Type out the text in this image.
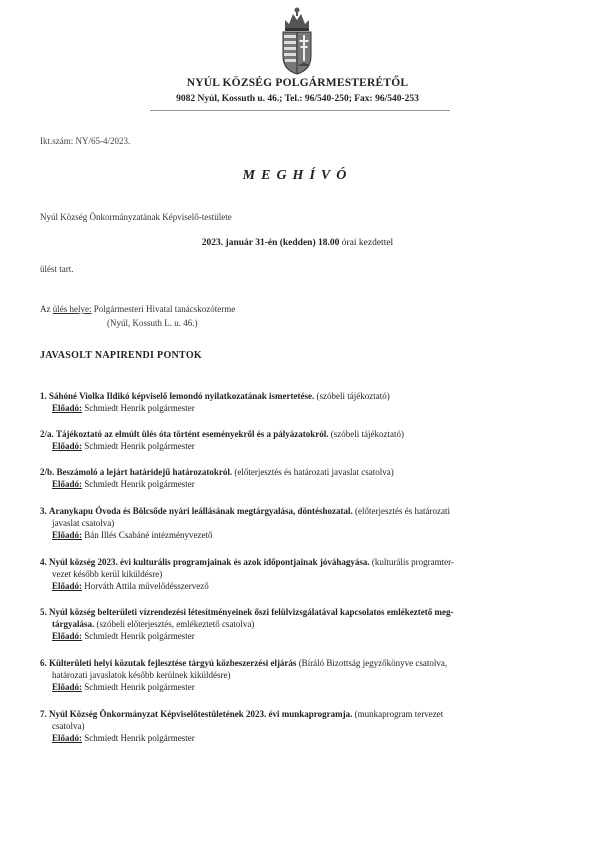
NYÚL KÖZSÉG POLGÁRMESTERÉTŐL
9082 Nyúl, Kossuth u. 46.; Tel.: 96/540-250; Fax: 96/540-253
Ikt.szám: NY/65-4/2023.
MEGHÍVÓ
Nyúl Község Önkormányzatának Képviselő-testülete
2023. január 31-én (kedden) 18.00 órai kezdettel
ülést tart.
Az ülés helye: Polgármesteri Hivatal tanácskozóterme
(Nyúl, Kossuth L. u. 46.)
JAVASOLT NAPIRENDI PONTOK
1. Sáhóné Violka Ildikó képviselő lemondó nyilatkozatának ismertetése. (szóbeli tájékoztató)
Előadó: Schmiedt Henrik polgármester
2/a. Tájékoztató az elmúlt ülés óta történt eseményekről és a pályázatokról. (szóbeli tájékoztató)
Előadó: Schmiedt Henrik polgármester
2/b. Beszámoló a lejárt határidejű határozatokról. (előterjesztés és határozati javaslat csatolva)
Előadó: Schmiedt Henrik polgármester
3. Aranykapu Óvoda és Bölcsőde nyári leállásának megtárgyalása, döntéshozatal. (előterjesztés és határozati
javaslat csatolva)
Előadó: Bán Illés Csabáné intézményvezető
4. Nyúl község 2023. évi kulturális programjainak és azok időpontjainak jóváhagyása. (kulturális programter-
vezet később kerül kiküldésre)
Előadó: Horváth Attila művelődésszervező
5. Nyúl község belterületi vízrendezési létesítményeinek őszi felülvizsgálatával kapcsolatos emlékeztető meg-
tárgyalása. (szóbeli előterjesztés, emlékeztető csatolva)
Előadó: Schmiedt Henrik polgármester
6. Külterületi helyi közutak fejlesztése tárgyú közbeszerzési eljárás (Bíráló Bizottság jegyzőkönyve csatolva,
határozati javaslatok később kerülnek kiküldésre)
Előadó: Schmiedt Henrik polgármester
7. Nyúl Község Önkormányzat Képviselőtestületének 2023. évi munkaprogramja. (munkaprogram tervezet
csatolva)
Előadó: Schmiedt Henrik polgármester
